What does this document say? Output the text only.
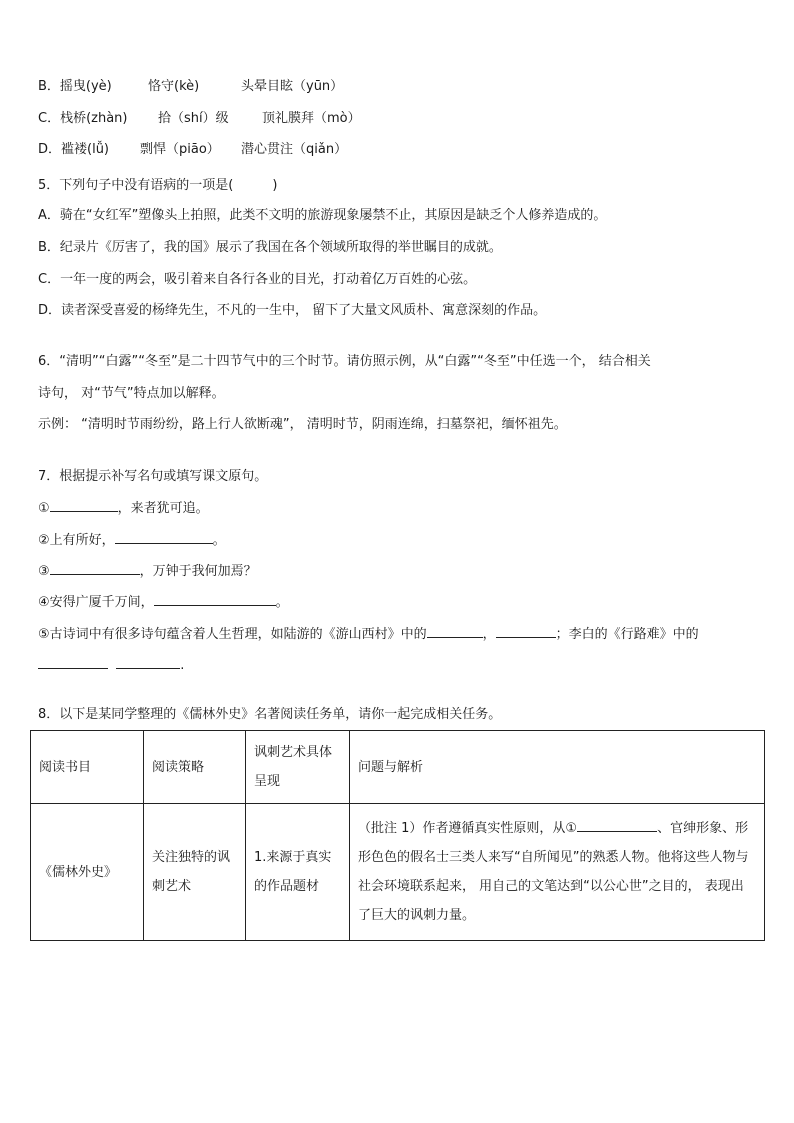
B．摇曳(yè)	恪守(kè)	头晕目眩（yūn）
C．栈桥(zhàn) 拾（shí）级	顶礼膜拜（mò）
D．褴褛(lǚ) 剽悍（piāo） 潜心贯注（qiǎn）
5．下列句子中没有语病的一项是(　　　)
A．骑在“女红军”塑像头上拍照，此类不文明的旅游现象屡禁不止，其原因是缺乏个人修养造成的。
B．纪录片《厉害了，我的国》展示了我国在各个领域所取得的举世瞩目的成就。
C．一年一度的两会，吸引着来自各行各业的目光，打动着亿万百姓的心弦。
D．读者深受喜爱的杨绛先生，不凡的一生中， 留下了大量文风质朴、寓意深刻的作品。
6．“清明”“白露”“冬至”是二十四节气中的三个时节。请仿照示例，从“白露”“冬至”中任选一个， 结合相关
诗句， 对“节气”特点加以解释。
示例： “清明时节雨纷纷，路上行人欲断魂”， 清明时节，阴雨连绵，扫墓祭祀，缅怀祖先。
7．根据提示补写名句或填写课文原句。
①	，来者犹可追。
②上有所好，	。
③	，万钟于我何加焉？
④安得广厦千万间，	。
⑤古诗词中有很多诗句蕴含着人生哲理，如陆游的《游山西村》中的	，	；李白的《行路难》中的
.
8．以下是某同学整理的《儒林外史》名著阅读任务单，请你一起完成相关任务。
阅读书目	阅读策略	讽刺艺术具体呈现	问题与解析
《儒林外史》	关注独特的讽刺艺术	1.来源于真实的作品题材	（批注 1）作者遵循真实性原则，从① 、官绅形象、形形色色的假名士三类人来写“自所闻见”的熟悉人物。他将这些人物与社会环境联系起来， 用自己的文笔达到“以公心世”之目的， 表现出了巨大的讽刺力量。
